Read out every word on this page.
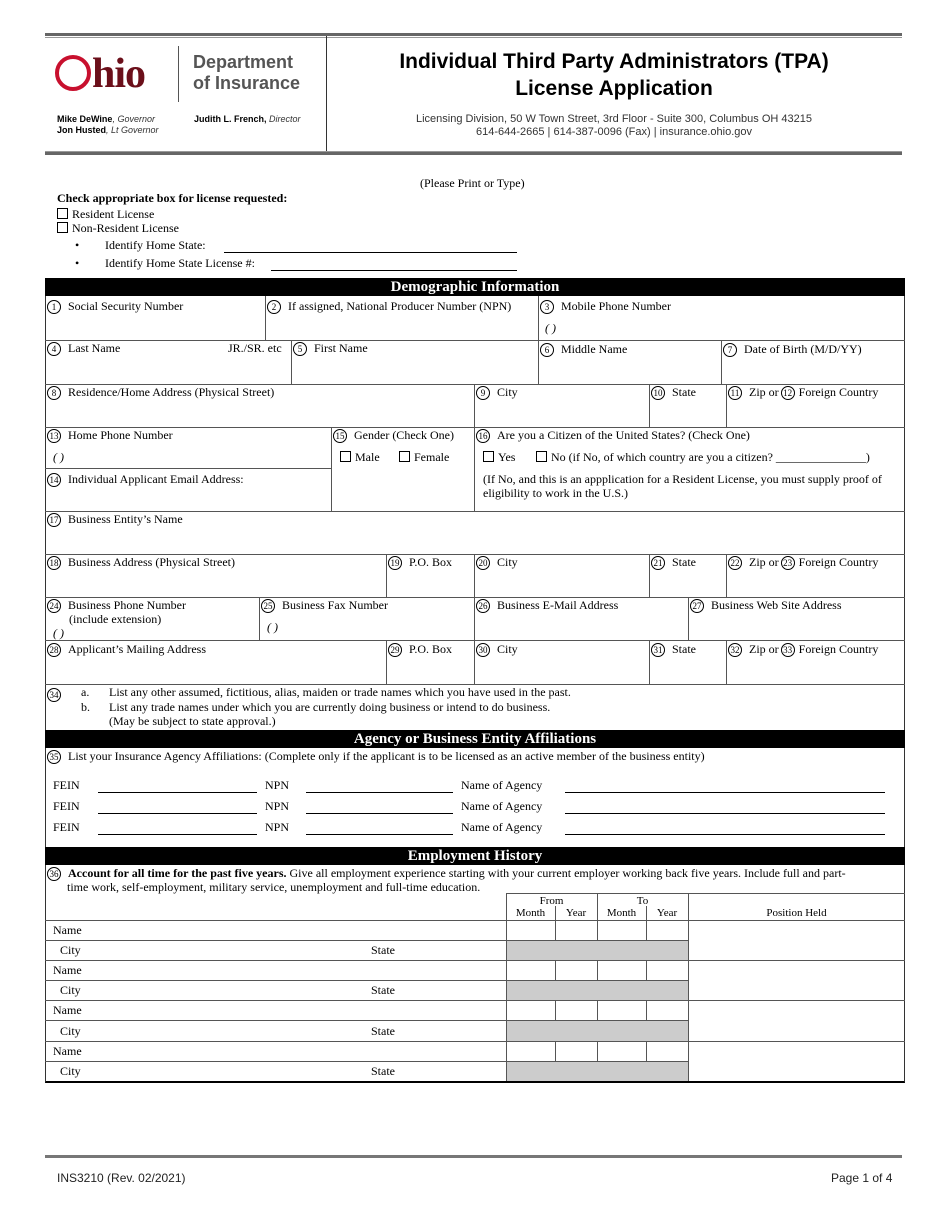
hio	Department
of Insurance
Mike DeWine, Governor
Jon Husted, Lt Governor
Judith L. French, Director
Individual Third Party Administrators (TPA)
License Application
Licensing Division, 50 W Town Street, 3rd Floor - Suite 300, Columbus OH 43215
614-644-2665 | 614-387-0096 (Fax) | insurance.ohio.gov
(Please Print or Type)
Check appropriate box for license requested:
Resident License
Non-Resident License
• Identify Home State:
• Identify Home State License #:
Demographic Information
1 Social Security Number	2 If assigned, National Producer Number (NPN)	3 Mobile Phone Number
( )
4 Last Name	JR./SR. etc	5 First Name	6 Middle Name	7 Date of Birth (M/D/YY)
8 Residence/Home Address (Physical Street)	9 City	10 State	11 Zip or 12 Foreign Country
13 Home Phone Number
( )
14 Individual Applicant Email Address:
15 Gender (Check One)
Male	Female
16 Are you a Citizen of the United States? (Check One)
Yes	No (if No, of which country are you a citizen? _______________)
(If No, and this is an appplication for a Resident License, you must supply proof of eligibility to work in the U.S.)
17 Business Entity’s Name
18 Business Address (Physical Street)	19 P.O. Box	20 City	21 State	22 Zip or 23 Foreign Country
24 Business Phone Number
(include extension)
( )
25 Business Fax Number
( )
26 Business E-Mail Address	27 Business Web Site Address
28 Applicant’s Mailing Address	29 P.O. Box	30 City	31 State	32 Zip or 33 Foreign Country
34	a. List any other assumed, fictitious, alias, maiden or trade names which you have used in the past.
b. List any trade names under which you are currently doing business or intend to do business.
(May be subject to state approval.)
Agency or Business Entity Affiliations
35 List your Insurance Agency Affiliations: (Complete only if the applicant is to be licensed as an active member of the business entity)
FEIN	NPN	Name of Agency
FEIN	NPN	Name of Agency
FEIN	NPN	Name of Agency
Employment History
36 Account for all time for the past five years. Give all employment experience starting with your current employer working back five years. Include full and part-
time work, self-employment, military service, unemployment and full-time education.
From	To
Month	Year	Month	Year	Position Held
Name
City	State
Name
City	State
Name
City	State
Name
City	State
INS3210 (Rev. 02/2021)	Page 1 of 4
